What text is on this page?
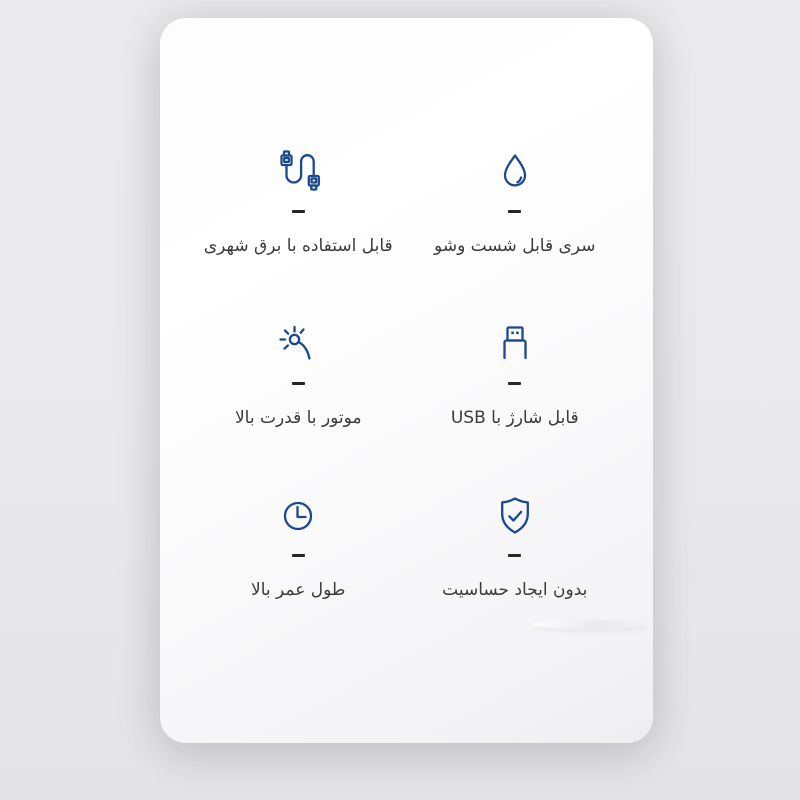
سری قابل شست وشو
قابل استفاده با برق شهری
قابل شارژ با USB
موتور با قدرت بالا
بدون ایجاد حساسیت
طول عمر بالا
